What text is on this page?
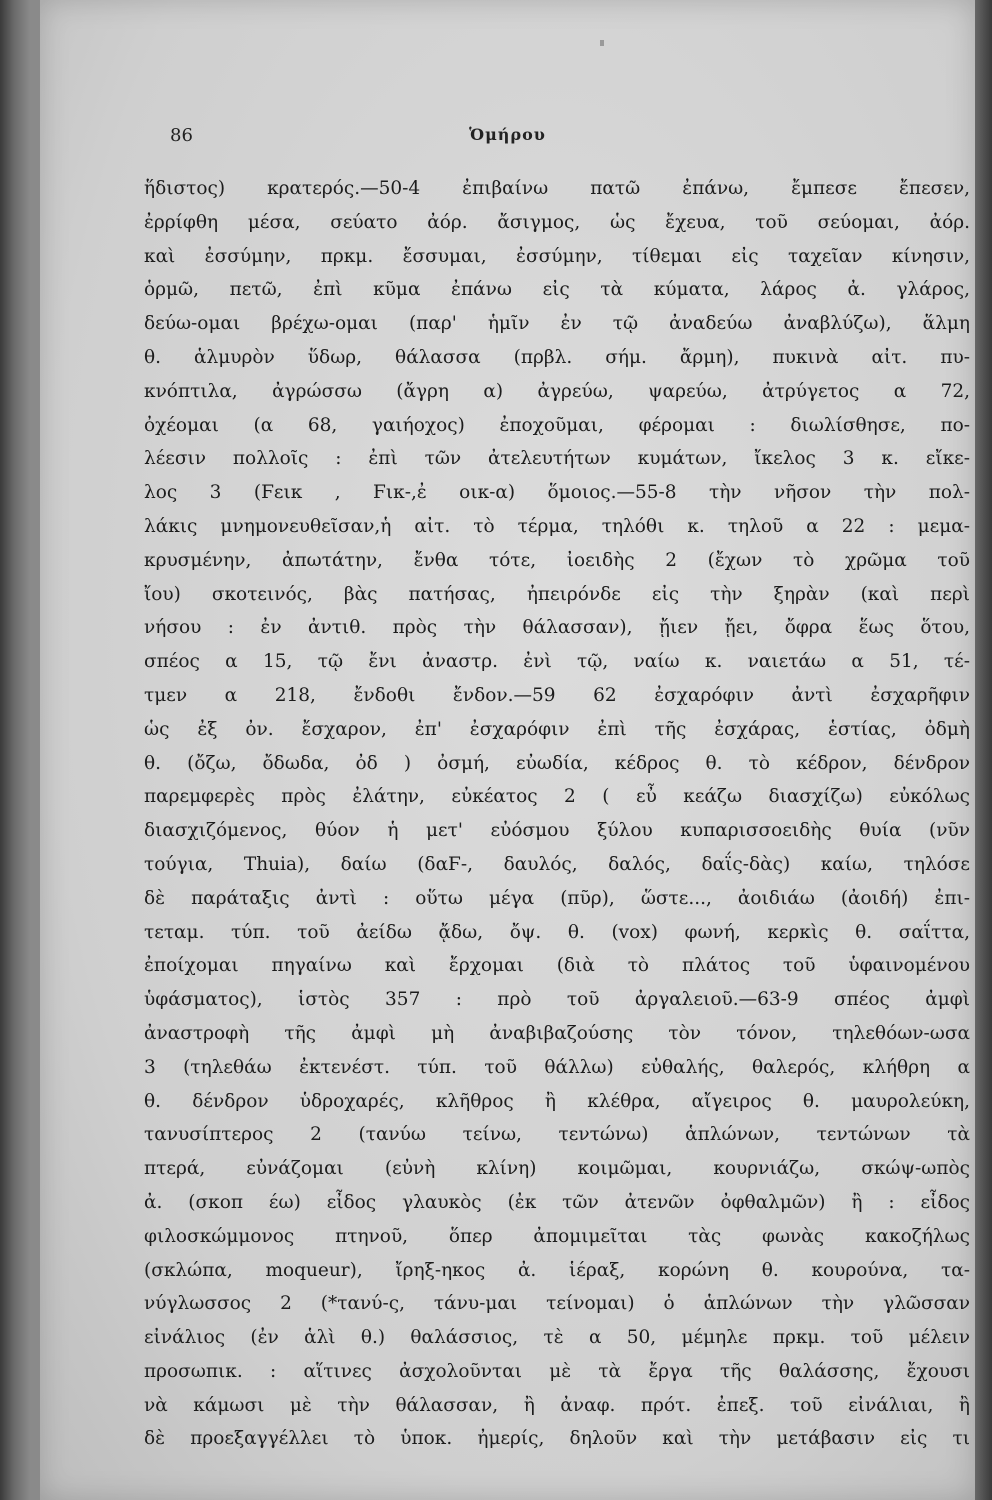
86	Ὁμήρου
ἥδιστος) κρατερός.—50-4 ἐπιβαίνω πατῶ ἐπάνω, ἔμπεσε ἔπεσεν,
ἐρρίφθη μέσα, σεύατο ἀόρ. ἄσιγμος, ὡς ἔχευα, τοῦ σεύομαι, ἀόρ.
καὶ ἐσσύμην, πρκμ. ἔσσυμαι, ἐσσύμην, τίθεμαι εἰς ταχεῖαν κίνησιν,
ὁρμῶ, πετῶ, ἐπὶ κῦμα ἐπάνω εἰς τὰ κύματα, λάρος ἀ. γλάρος,
δεύω-ομαι βρέχω-ομαι (παρ' ἡμῖν ἐν τῷ ἀναδεύω ἀναβλύζω), ἅλμη
θ. ἁλμυρὸν ὕδωρ, θάλασσα (πρβλ. σήμ. ἄρμη), πυκινὰ αἰτ. πυ-
κνόπτιλα, ἀγρώσσω (ἄγρη α) ἀγρεύω, ψαρεύω, ἀτρύγετος α 72,
ὀχέομαι (α 68, γαιήοχος) ἐποχοῦμαι, φέρομαι : διωλίσθησε, πο-
λέεσιν πολλοῖς : ἐπὶ τῶν ἀτελευτήτων κυμάτων, ἴκελος 3 κ. εἴκε-
λος 3 (Ϝεικ , Ϝικ-,ἐ οικ-α) ὅμοιος.—55-8 τὴν νῆσον τὴν πολ-
λάκις μνημονευθεῖσαν,ἡ αἰτ. τὸ τέρμα, τηλόθι κ. τηλοῦ α 22 : μεμα-
κρυσμένην, ἀπωτάτην, ἔνθα τότε, ἰοειδὴς 2 (ἔχων τὸ χρῶμα τοῦ
ἴου) σκοτεινός, βὰς πατήσας, ἠπειρόνδε εἰς τὴν ξηρὰν (καὶ περὶ
νήσου : ἐν ἀντιθ. πρὸς τὴν θάλασσαν), ᾔιεν ᾔει, ὄφρα ἕως ὅτου,
σπέος α 15, τῷ ἔνι ἀναστρ. ἐνὶ τῷ, ναίω κ. ναιετάω α 51, τέ-
τμεν α 218, ἔνδοθι ἔνδον.—59 62 ἐσχαρόφιν ἀντὶ ἐσχαρῆφιν
ὡς ἐξ ὀν. ἔσχαρον, ἐπ' ἐσχαρόφιν ἐπὶ τῆς ἐσχάρας, ἑστίας, ὀδμὴ
θ. (ὄζω, ὄδωδα, ὀδ ) ὀσμή, εὐωδία, κέδρος θ. τὸ κέδρον, δένδρον
παρεμφερὲς πρὸς ἐλάτην, εὐκέατος 2 ( εὖ κεάζω διασχίζω) εὐκόλως
διασχιζόμενος, θύον ἡ μετ' εὐόσμου ξύλου κυπαρισσοειδὴς θυία (νῦν
τούγια, Thuia), δαίω (δαϜ-, δαυλός, δαλός, δαΐς-δὰς) καίω, τηλόσε
δὲ παράταξις ἀντὶ : οὕτω μέγα (πῦρ), ὥστε..., ἀοιδιάω (ἀοιδή) ἐπι-
τεταμ. τύπ. τοῦ ἀείδω ᾄδω, ὄψ. θ. (vox) φωνή, κερκὶς θ. σαΐττα,
ἐποίχομαι πηγαίνω καὶ ἔρχομαι (διὰ τὸ πλάτος τοῦ ὑφαινομένου
ὑφάσματος), ἱστὸς 357 : πρὸ τοῦ ἀργαλειοῦ.—63-9 σπέος ἀμφὶ
ἀναστροφὴ τῆς ἀμφὶ μὴ ἀναβιβαζούσης τὸν τόνον, τηλεθόων-ωσα
3 (τηλεθάω ἐκτενέστ. τύπ. τοῦ θάλλω) εὐθαλής, θαλερός, κλήθρη α
θ. δένδρον ὑδροχαρές, κλῆθρος ἢ κλέθρα, αἴγειρος θ. μαυρολεύκη,
τανυσίπτερος 2 (τανύω τείνω, τεντώνω) ἁπλώνων, τεντώνων τὰ
πτερά, εὐνάζομαι (εὐνὴ κλίνη) κοιμῶμαι, κουρνιάζω, σκώψ-ωπὸς
ἀ. (σκοπ έω) εἶδος γλαυκὸς (ἐκ τῶν ἀτενῶν ὀφθαλμῶν) ἢ : εἶδος
φιλοσκώμμονος πτηνοῦ, ὅπερ ἀπομιμεῖται τὰς φωνὰς κακοζήλως
(σκλώπα, moqueur), ἴρηξ-ηκος ἀ. ἱέραξ, κορώνη θ. κουρούνα, τα-
νύγλωσσος 2 (*τανύ-ς, τάνυ-μαι τείνομαι) ὁ ἁπλώνων τὴν γλῶσσαν
εἰνάλιος (ἐν ἁλὶ θ.) θαλάσσιος, τὲ α 50, μέμηλε πρκμ. τοῦ μέλειν
προσωπικ. : αἵτινες ἀσχολοῦνται μὲ τὰ ἔργα τῆς θαλάσσης, ἔχουσι
νὰ κάμωσι μὲ τὴν θάλασσαν, ἢ ἀναφ. πρότ. ἐπεξ. τοῦ εἰνάλιαι, ἢ
δὲ προεξαγγέλλει τὸ ὑποκ. ἠμερίς, δηλοῦν καὶ τὴν μετάβασιν εἰς τι
